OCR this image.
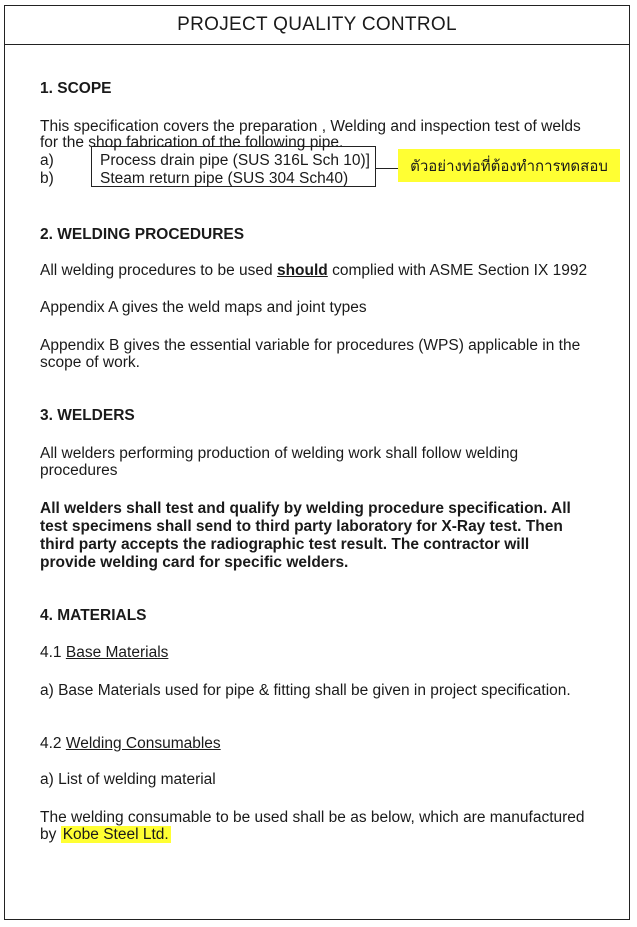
PROJECT QUALITY CONTROL
1. SCOPE
This specification covers the preparation , Welding and inspection test of welds
for the shop fabrication of the following pipe.
a)	Process drain pipe (SUS 316L Sch 10)]
b)	Steam return pipe (SUS 304 Sch40)
ตัวอย่างท่อที่ต้องทำการทดสอบ
2. WELDING PROCEDURES
All welding procedures to be used should complied with ASME Section IX 1992
Appendix A gives the weld maps and joint types
Appendix B gives the essential variable for procedures (WPS) applicable in the
scope of work.
3. WELDERS
All welders performing production of welding work shall follow welding
procedures
All welders shall test and qualify by welding procedure specification. All
test specimens shall send to third party laboratory for X-Ray test. Then
third party accepts the radiographic test result. The contractor will
provide welding card for specific welders.
4. MATERIALS
4.1 Base Materials
a) Base Materials used for pipe & fitting shall be given in project specification.
4.2 Welding Consumables
a) List of welding material
The welding consumable to be used shall be as below, which are manufactured
by Kobe Steel Ltd.
